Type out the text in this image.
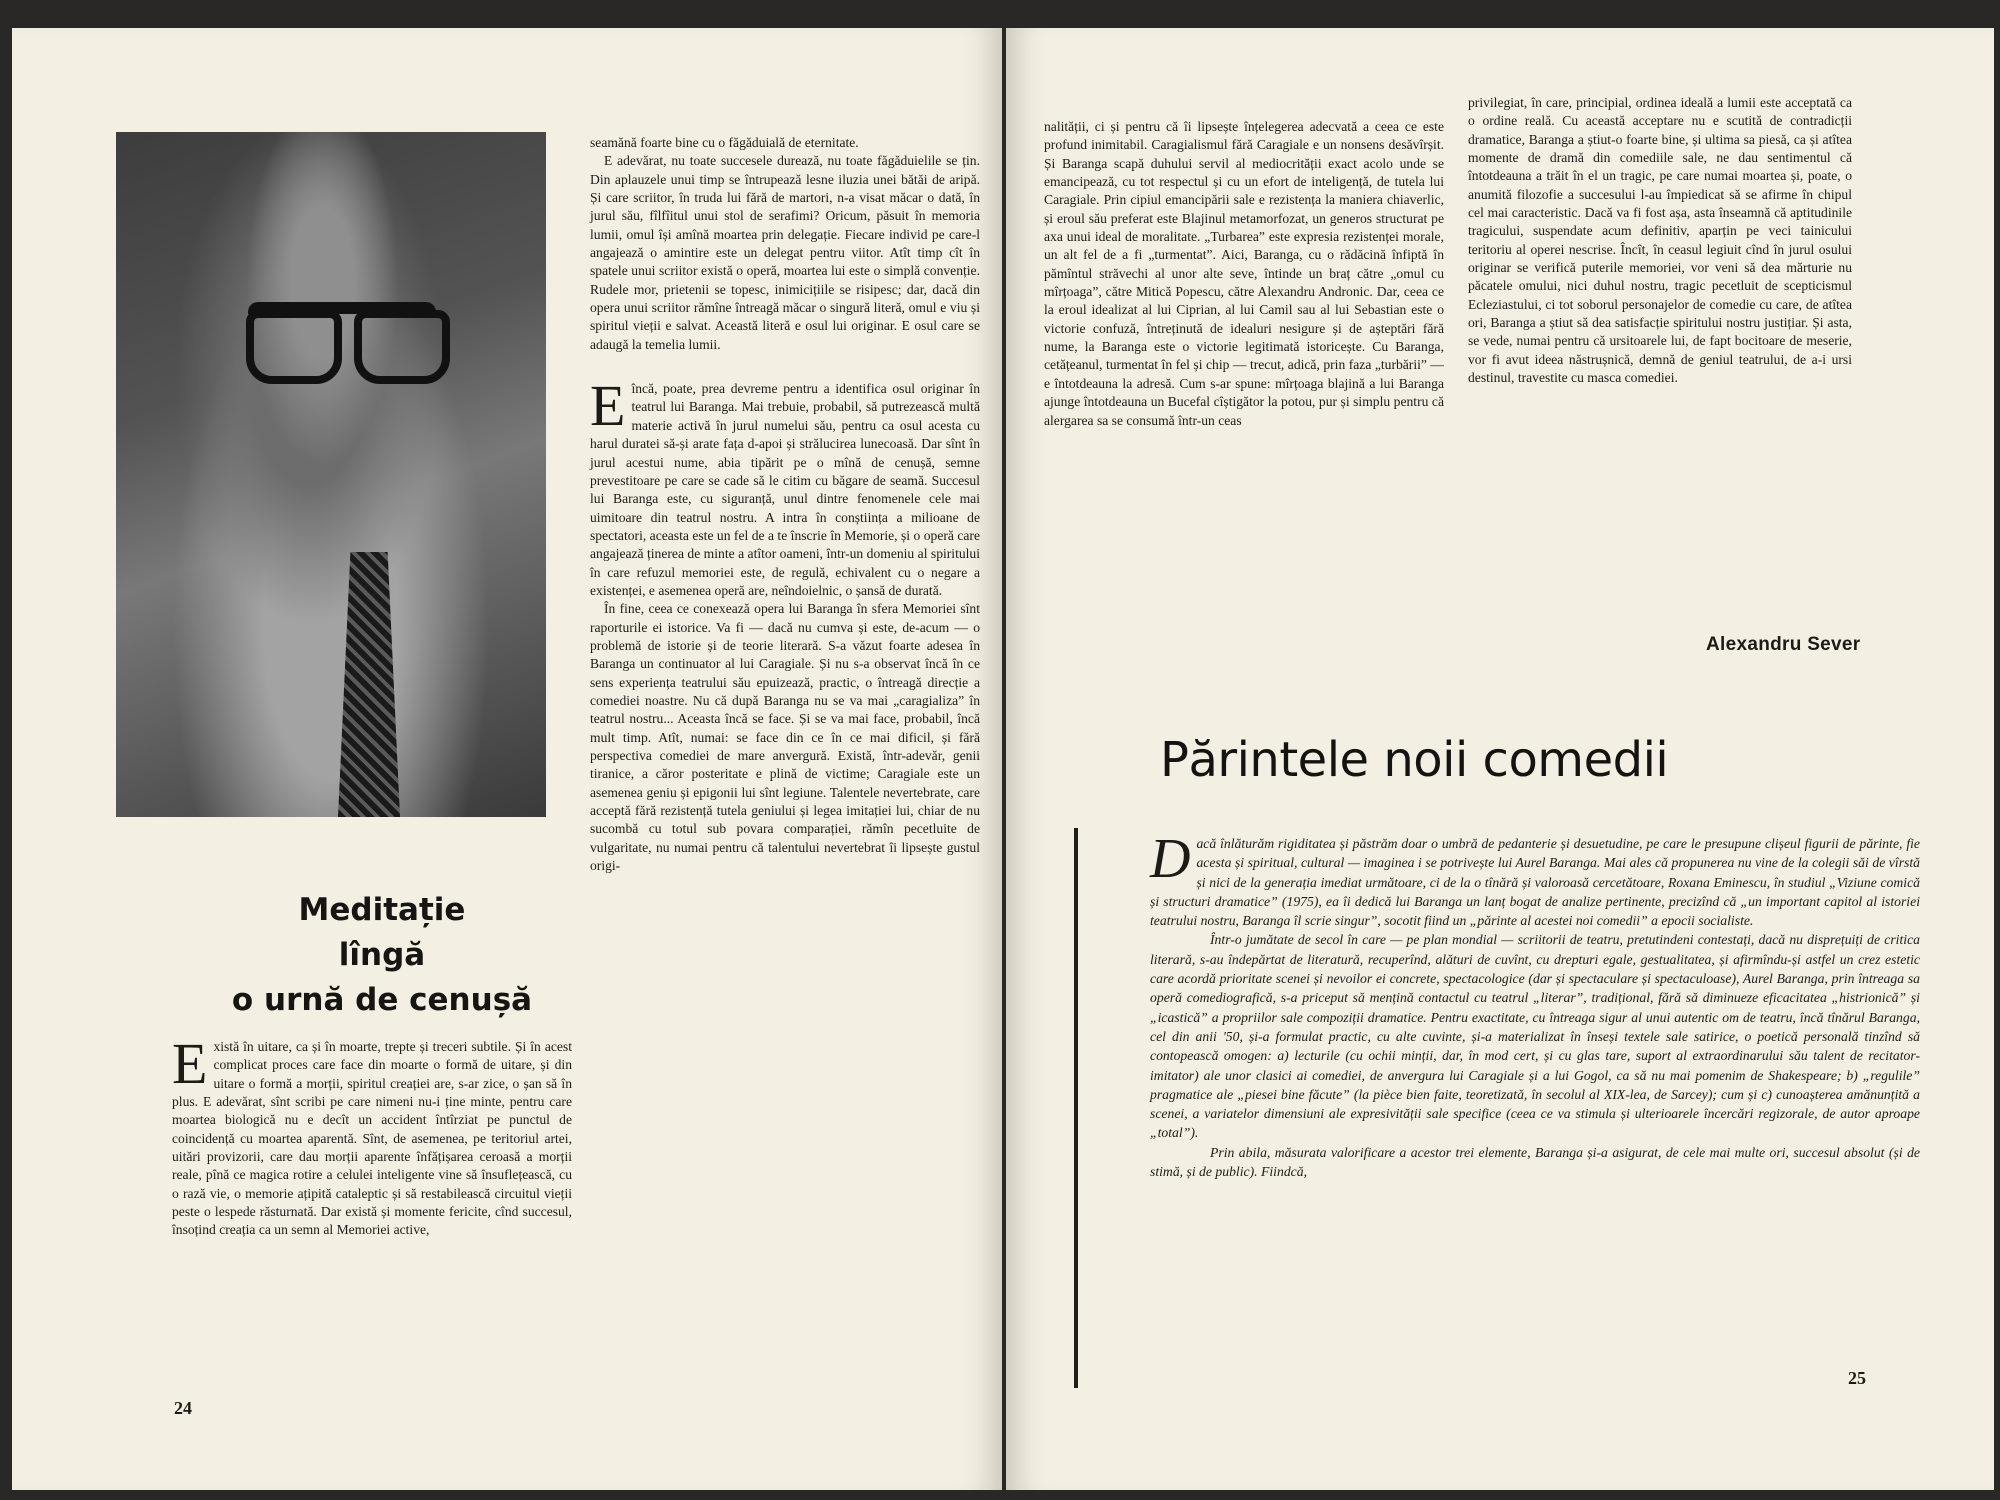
Meditație
lîngă
o urnă de cenușă

Există în uitare, ca și în moarte, trepte și treceri subtile. Și în acest complicat proces care face din moarte o formă de uitare, și din uitare o formă a morții, spiritul creației are, s-ar zice, o șan să în plus. E adevărat, sînt scribi pe care nimeni nu-i ține minte, pentru care moartea biologică nu e decît un accident întîrziat pe punctul de coincidență cu moartea aparentă. Sînt, de asemenea, pe teritoriul artei, uitări provizorii, care dau morții aparente înfățișarea ceroasă a morții reale, pînă ce magica rotire a celulei inteligente vine să însuflețească, cu o rază vie, o memorie ațipită cataleptic și să restabilească circuitul vieții peste o lespede răsturnată. Dar există și momente fericite, cînd succesul, însoțind creația ca un semn al Memoriei active,

seamănă foarte bine cu o făgăduială de eternitate.

E adevărat, nu toate succesele durează, nu toate făgăduielile se țin. Din aplauzele unui timp se întrupează lesne iluzia unei bătăi de aripă. Și care scriitor, în truda lui fără de martori, n-a visat măcar o dată, în jurul său, fîlfîitul unui stol de serafimi? Oricum, păsuit în memoria lumii, omul își amînă moartea prin delegație. Fiecare individ pe care-l angajează o amintire este un delegat pentru viitor. Atît timp cît în spatele unui scriitor există o operă, moartea lui este o simplă convenție. Rudele mor, prietenii se topesc, inimicițiile se risipesc; dar, dacă din opera unui scriitor rămîne întreagă măcar o singură literă, omul e viu și spiritul vieții e salvat. Această literă e osul lui originar. E osul care se adaugă la temelia lumii.

Eîncă, poate, prea devreme pentru a identifica osul originar în teatrul lui Baranga. Mai trebuie, probabil, să putrezească multă materie activă în jurul numelui său, pentru ca osul acesta cu harul duratei să-și arate fața d-apoi și strălucirea lunecoasă. Dar sînt în jurul acestui nume, abia tipărit pe o mînă de cenușă, semne prevestitoare pe care se cade să le citim cu băgare de seamă. Succesul lui Baranga este, cu siguranță, unul dintre fenomenele cele mai uimitoare din teatrul nostru. A intra în conștiința a milioane de spectatori, aceasta este un fel de a te înscrie în Memorie, și o operă care angajează ținerea de minte a atîtor oameni, într-un domeniu al spiritului în care refuzul memoriei este, de regulă, echivalent cu o negare a existenței, e asemenea operă are, neîndoielnic, o șansă de durată.

În fine, ceea ce conexează opera lui Baranga în sfera Memoriei sînt raporturile ei istorice. Va fi — dacă nu cumva și este, de-acum — o problemă de istorie și de teorie literară. S-a văzut foarte adesea în Baranga un continuator al lui Caragiale. Și nu s-a observat încă în ce sens experiența teatrului său epuizează, practic, o întreagă direcție a comediei noastre. Nu că după Baranga nu se va mai „caragializa” în teatrul nostru... Aceasta încă se face. Și se va mai face, probabil, încă mult timp. Atît, numai: se face din ce în ce mai dificil, și fără perspectiva comediei de mare anvergură. Există, într-adevăr, genii tiranice, a căror posteritate e plină de victime; Caragiale este un asemenea geniu și epigonii lui sînt legiune. Talentele nevertebrate, care acceptă fără rezistență tutela geniului și legea imitației lui, chiar de nu sucombă cu totul sub povara comparației, rămîn pecetluite de vulgaritate, nu numai pentru că talentului nevertebrat îi lipsește gustul origi-

24

nalității, ci și pentru că îi lipsește înțelegerea adecvată a ceea ce este profund inimitabil. Caragialismul fără Caragiale e un nonsens desăvîrșit. Și Baranga scapă duhului servil al mediocrității exact acolo unde se emancipează, cu tot respectul și cu un efort de inteligență, de tutela lui Caragiale. Prin cipiul emancipării sale e rezistența la maniera chiaverlic, și eroul său preferat este Blajinul metamorfozat, un generos structurat pe axa unui ideal de moralitate. „Turbarea” este expresia rezistenței morale, un alt fel de a fi „turmentat”. Aici, Baranga, cu o rădăcină înfiptă în pămîntul străvechi al unor alte seve, întinde un braț către „omul cu mîrțoaga”, către Mitică Popescu, către Alexandru Andronic. Dar, ceea ce la eroul idealizat al lui Ciprian, al lui Camil sau al lui Sebastian este o victorie confuză, întreținută de idealuri nesigure și de așteptări fără nume, la Baranga este o victorie legitimată istoricește. Cu Baranga, cetățeanul, turmentat în fel și chip — trecut, adică, prin faza „turbării” — e întotdeauna la adresă. Cum s-ar spune: mîrțoaga blajină a lui Baranga ajunge întotdeauna un Bucefal cîștigător la potou, pur și simplu pentru că alergarea sa se consumă într-un ceas

privilegiat, în care, principial, ordinea ideală a lumii este acceptată ca o ordine reală. Cu această acceptare nu e scutită de contradicții dramatice, Baranga a știut-o foarte bine, și ultima sa piesă, ca și atîtea momente de dramă din comediile sale, ne dau sentimentul că întotdeauna a trăit în el un tragic, pe care numai moartea și, poate, o anumită filozofie a succesului l-au împiedicat să se afirme în chipul cel mai caracteristic. Dacă va fi fost așa, asta înseamnă că aptitudinile tragicului, suspendate acum definitiv, aparțin pe veci tainicului teritoriu al operei nescrise. Încît, în ceasul legiuit cînd în jurul osului originar se verifică puterile memoriei, vor veni să dea mărturie nu păcatele omului, nici duhul nostru, tragic pecetluit de scepticismul Ecleziastului, ci tot soborul personajelor de comedie cu care, de atîtea ori, Baranga a știut să dea satisfacție spiritului nostru justițiar. Și asta, se vede, numai pentru că ursitoarele lui, de fapt bocitoare de meserie, vor fi avut ideea năstrușnică, demnă de geniul teatrului, de a-i ursi destinul, travestite cu masca comediei.

Alexandru Sever
Părintele noii comedii

Dacă înlăturăm rigiditatea și păstrăm doar o umbră de pedanterie și desuetudine, pe care le presupune clișeul figurii de părinte, fie acesta și spiritual, cultural — imaginea i se potrivește lui Aurel Baranga. Mai ales că propunerea nu vine de la colegii săi de vîrstă și nici de la generația imediat următoare, ci de la o tînără și valoroasă cercetătoare, Roxana Eminescu, în studiul „Viziune comică și structuri dramatice” (1975), ea îi dedică lui Baranga un lanț bogat de analize pertinente, precizînd că „un important capitol al istoriei teatrului nostru, Baranga îl scrie singur”, socotit fiind un „părinte al acestei noi comedii” a epocii socialiste.

Într-o jumătate de secol în care — pe plan mondial — scriitorii de teatru, pretutindeni contestați, dacă nu disprețuiți de critica literară, s-au îndepărtat de literatură, recuperînd, alături de cuvînt, cu drepturi egale, gestualitatea, și afirmîndu-și astfel un crez estetic care acordă prioritate scenei și nevoilor ei concrete, spectacologice (dar și spectaculare și spectaculoase), Aurel Baranga, prin întreaga sa operă comediografică, s-a priceput să mențină contactul cu teatrul „literar”, tradițional, fără să diminueze eficacitatea „histrionică” și „icastică” a propriilor sale compoziții dramatice. Pentru exactitate, cu întreaga sigur al unui autentic om de teatru, încă tînărul Baranga, cel din anii '50, și-a formulat practic, cu alte cuvinte, și-a materializat în înseși textele sale satirice, o poetică personală tinzînd să contopească omogen: a) lecturile (cu ochii minții, dar, în mod cert, și cu glas tare, suport al extraordinarului său talent de recitator-imitator) ale unor clasici ai comediei, de anvergura lui Caragiale și a lui Gogol, ca să nu mai pomenim de Shakespeare; b) „regulile” pragmatice ale „piesei bine făcute” (la pièce bien faite, teoretizată, în secolul al XIX-lea, de Sarcey); cum și c) cunoașterea amănunțită a scenei, a variatelor dimensiuni ale expresivității sale specifice (ceea ce va stimula și ulterioarele încercări regizorale, de autor aproape „total”).

Prin abila, măsurata valorificare a acestor trei elemente, Baranga și-a asigurat, de cele mai multe ori, succesul absolut (și de stimă, și de public). Fiindcă,

25
